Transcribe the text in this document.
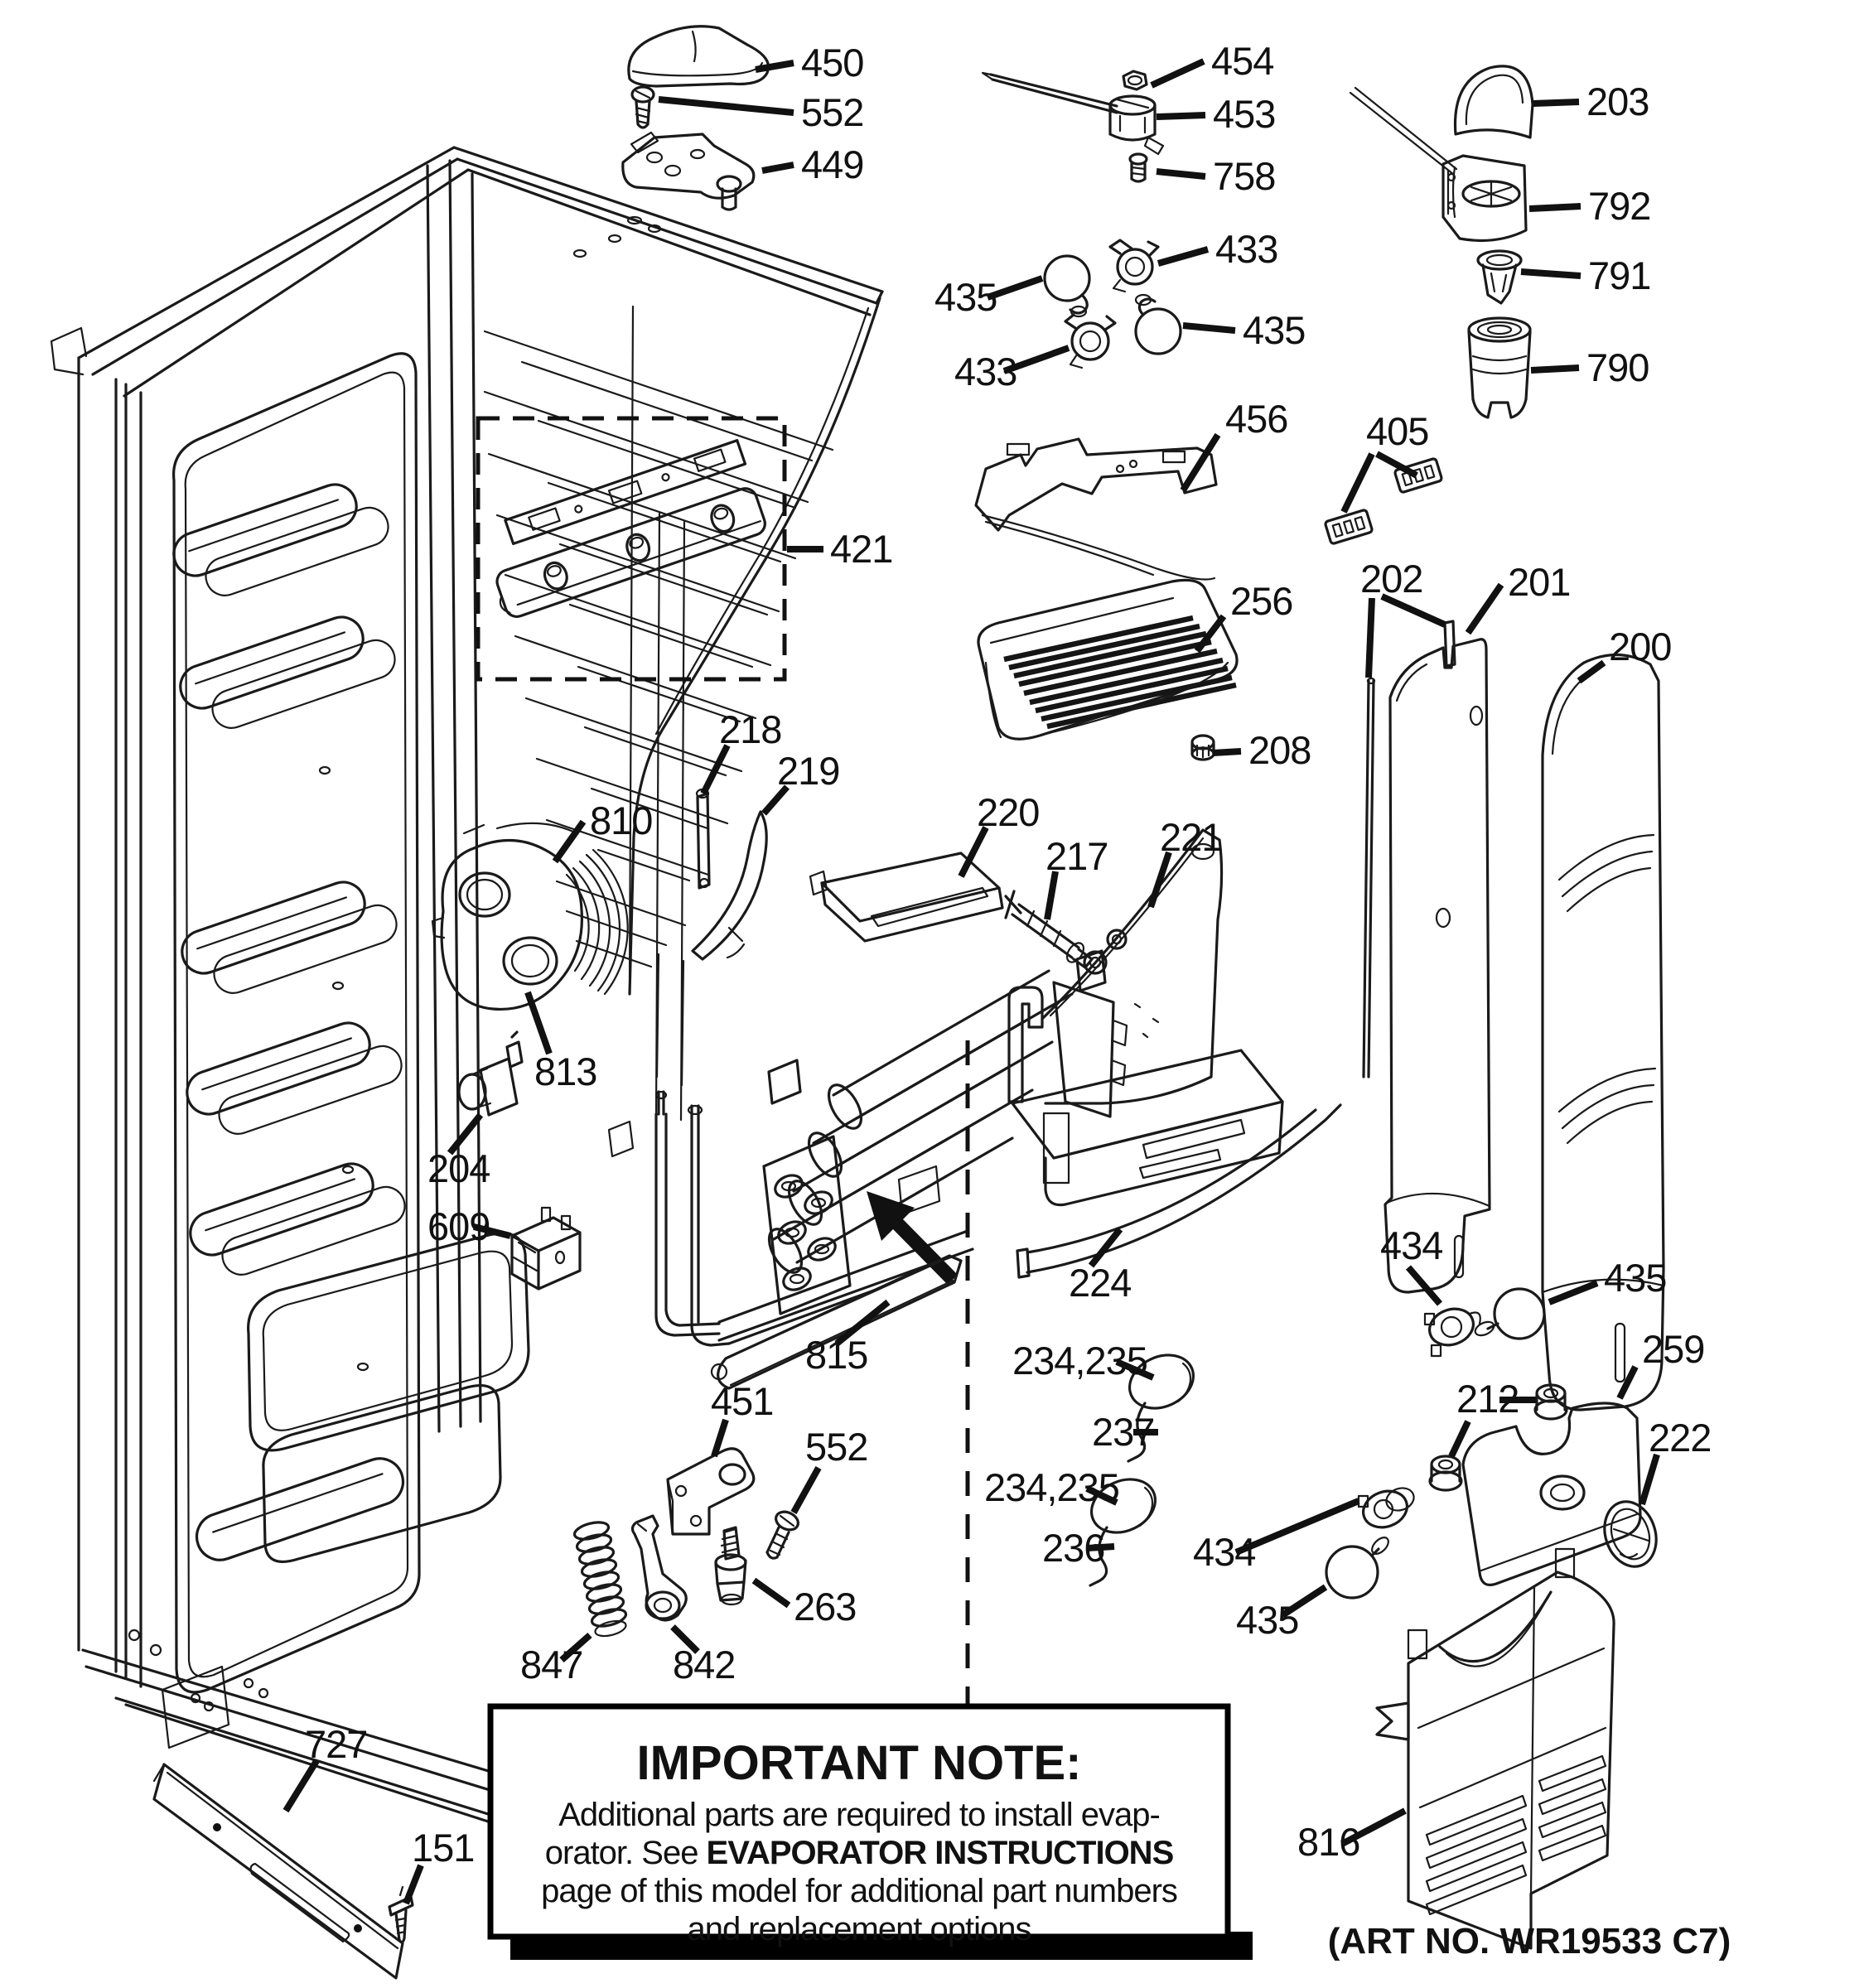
IMPORTANT NOTE:
Additional parts are required to install evap-
orator. See EVAPORATOR INSTRUCTIONS
page of this model for additional part numbers
and replacement options	(ART NO. WR19533 C7)
450
552
449
454
453
758
433
435
433
435
203
792
791
790
421
456 405
256
208
202 201
200
218
219
220
810
217 221
813
204
609
815
224
234,235
237
234,235
236
434
435
259
212
222
434
435
451
552
263
847 842
727
151	816
